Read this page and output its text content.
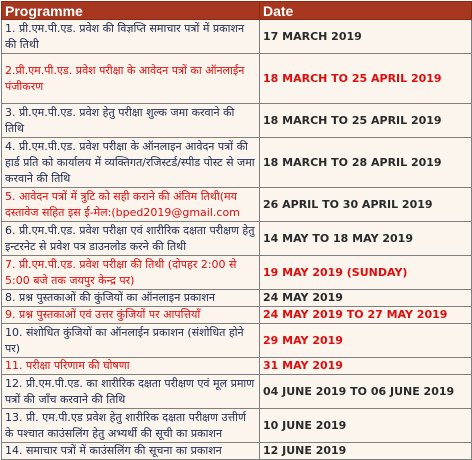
Programme	Date
1. प्री.एम.पी.एड. प्रवेश की विज्ञप्ति समाचार पत्रों में प्रकाशन की तिथी	17 MARCH 2019
2.प्री.एम.पी.एड. प्रवेश परीक्षा के आवेदन पत्रों का ऑनलाईन पंजीकरण	18 MARCH TO 25 APRIL 2019
3. प्री.एम.पी.एड. प्रवेश हेतु परीक्षा शुल्क जमा करवाने की तिथि	18 MARCH TO 25 APRIL 2019
4. प्री.एम.पी.एड. प्रवेश परीक्षा के ऑनलाइन आवेदन पत्रों की हार्ड प्रति को कार्यालय में व्यक्तिगत/रजिस्टर्ड/स्पीड पोस्ट से जमा करवाने की तिथि	18 MARCH TO 28 APRIL 2019
5. आवेदन पत्रों में त्रुटि को सही कराने की अंतिम तिथी(मय दस्तावेज सहित इस ई-मेल:(bped2019@gmail.com	26 APRIL TO 30 APRIL 2019
6. प्री.एम.पी.एड. प्रवेश परीक्षा एवं शारीरिक दक्षता परीक्षण हेतु इन्टरनेट से प्रवेश पत्र डाउनलोड करने की तिथी	14 MAY TO 18 MAY 2019
7. प्री.एम.पी.एड. प्रवेश परीक्षा की तिथी (दोपहर 2:00 से 5:00 बजे तक जयपुर केन्द्र पर)	19 MAY 2019 (SUNDAY)
8. प्रश्न पुस्तकाओं की कुंजियों का ऑनलाइन प्रकाशन	24 MAY 2019
9. प्रश्न पुस्तकाओं एवं उत्तर कुंजियों पर आपत्तियाँ	24 MAY 2019 TO 27 MAY 2019
10. संशोधित कुंजियों का ऑनलाईन प्रकाशन (संशोधित होने पर)	29 MAY 2019
11. परीक्षा परिणाम की घोषणा	31 MAY 2019
12. प्री.एम.पी.एड. का शारीरिक दक्षता परीक्षण एवं मूल प्रमाण पत्रों की जाँच करवाने की तिथि	04 JUNE 2019 TO 06 JUNE 2019
13. प्री. एम.पी.एड प्रवेश हेतु शारीरिक दक्षता परीक्षण उत्तीर्ण के पश्चात काउंसलिंग हेतु अभ्यर्थी की सूची का प्रकाशन	10 JUNE 2019
14. समाचार पत्रों में काउंसलिंग की सूचना का प्रकाशन	12 JUNE 2019
